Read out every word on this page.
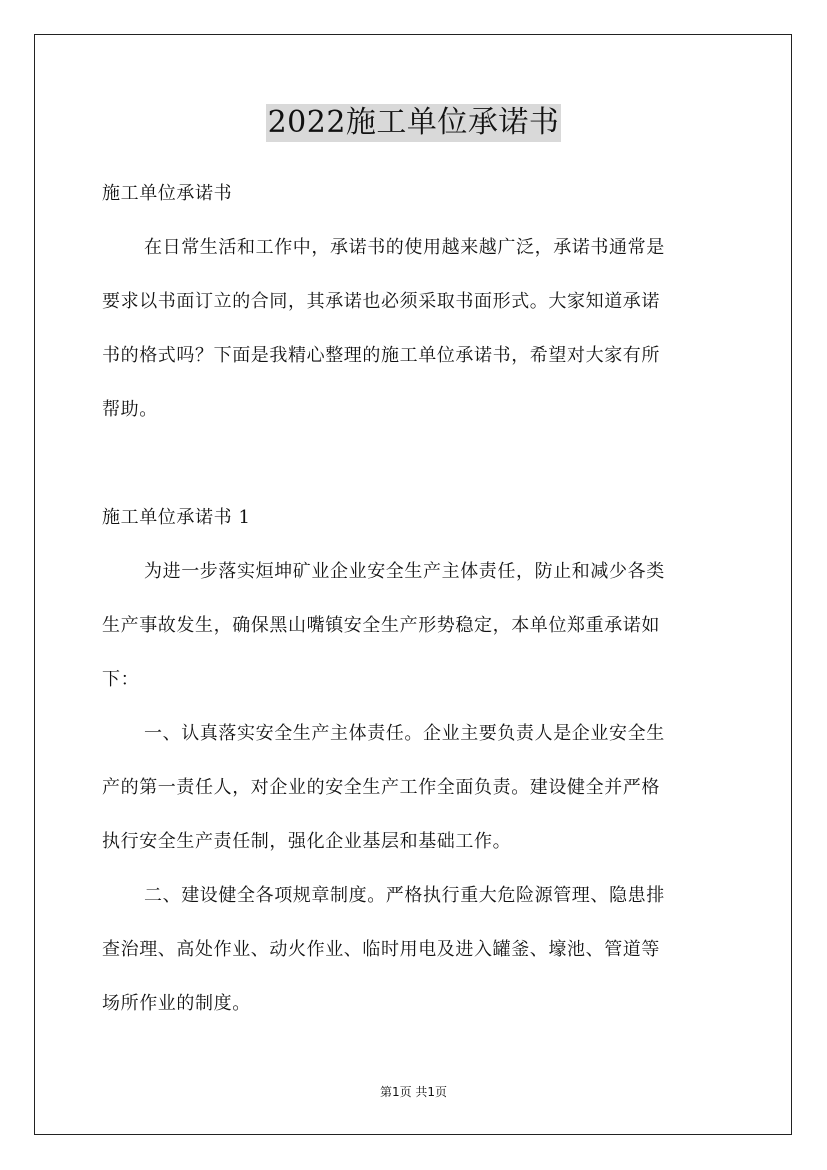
2022施工单位承诺书
施工单位承诺书
在日常生活和工作中，承诺书的使用越来越广泛，承诺书通常是
要求以书面订立的合同，其承诺也必须采取书面形式。大家知道承诺
书的格式吗？下面是我精心整理的施工单位承诺书，希望对大家有所
帮助。
施工单位承诺书 1
为进一步落实烜坤矿业企业安全生产主体责任，防止和减少各类
生产事故发生，确保黑山嘴镇安全生产形势稳定，本单位郑重承诺如
下：
一、认真落实安全生产主体责任。企业主要负责人是企业安全生
产的第一责任人，对企业的安全生产工作全面负责。建设健全并严格
执行安全生产责任制，强化企业基层和基础工作。
二、建设健全各项规章制度。严格执行重大危险源管理、隐患排
查治理、高处作业、动火作业、临时用电及进入罐釜、壕池、管道等
场所作业的制度。
第1页 共1页
